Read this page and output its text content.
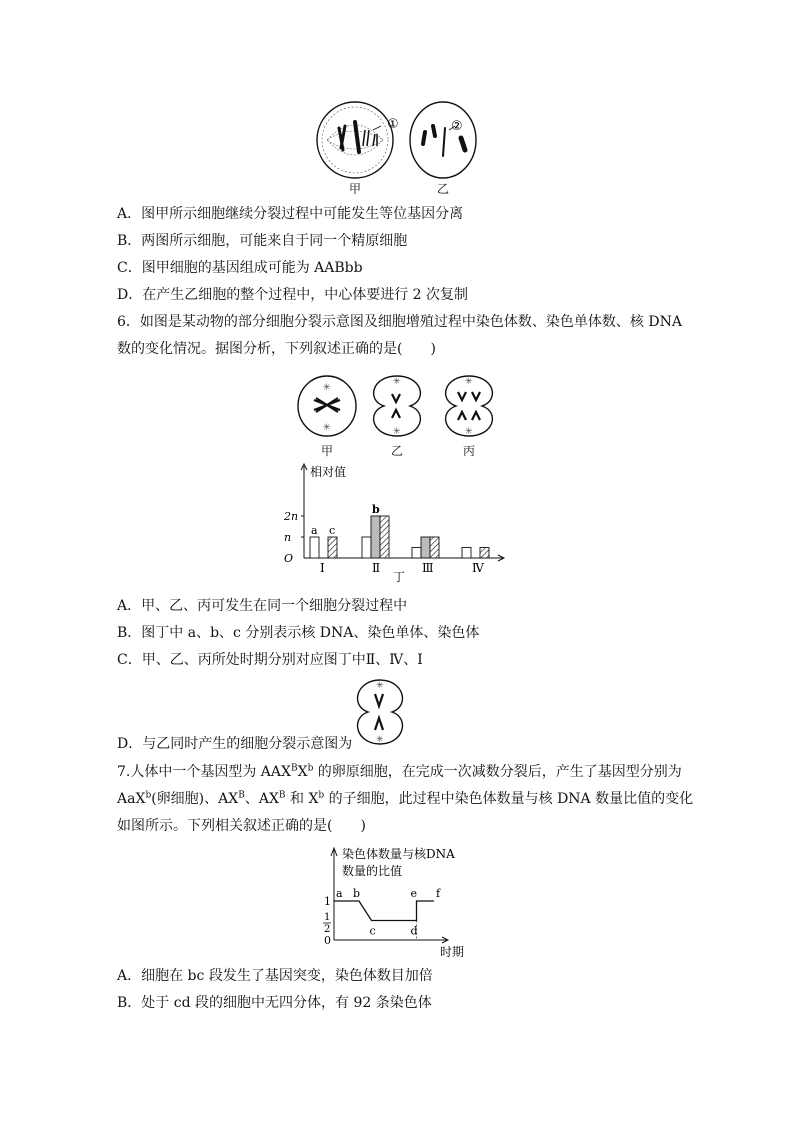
①	②
甲	乙
A．图甲所示细胞继续分裂过程中可能发生等位基因分离
B．两图所示细胞，可能来自于同一个精原细胞
C．图甲细胞的基因组成可能为 AABbb
D．在产生乙细胞的整个过程中，中心体要进行 2 次复制
6．如图是某动物的部分细胞分裂示意图及细胞增殖过程中染色体数、染色单体数、核 DNA
数的变化情况。据图分析，下列叙述正确的是(　　)
✳
✳
✳
✳
✳
✳
甲	乙	丙
相对值
O
n
2n
a c
Ⅰ
b
Ⅱ	Ⅲ	Ⅳ
丁
A．甲、乙、丙可发生在同一个细胞分裂过程中
B．图丁中 a、b、c 分别表示核 DNA、染色单体、染色体
C．甲、乙、丙所处时期分别对应图丁中Ⅱ、Ⅳ、Ⅰ
✳
✳
D．与乙同时产生的细胞分裂示意图为
7.人体中一个基因型为 $AAX^BX^b$ 的卵原细胞，在完成一次减数分裂后，产生了基因型分别为
AaX$^b$(卵细胞)、$AX^B$、$AX^B$ 和 $X^b$ 的子细胞，此过程中染色体数量与核 DNA 数量比值的变化
如图所示。下列相关叙述正确的是(　　)
染色体数量与核DNA
数量的比值
时期
1
1
2
0
a b
c	d
e f
A．细胞在 bc 段发生了基因突变，染色体数目加倍
B．处于 cd 段的细胞中无四分体，有 92 条染色体
